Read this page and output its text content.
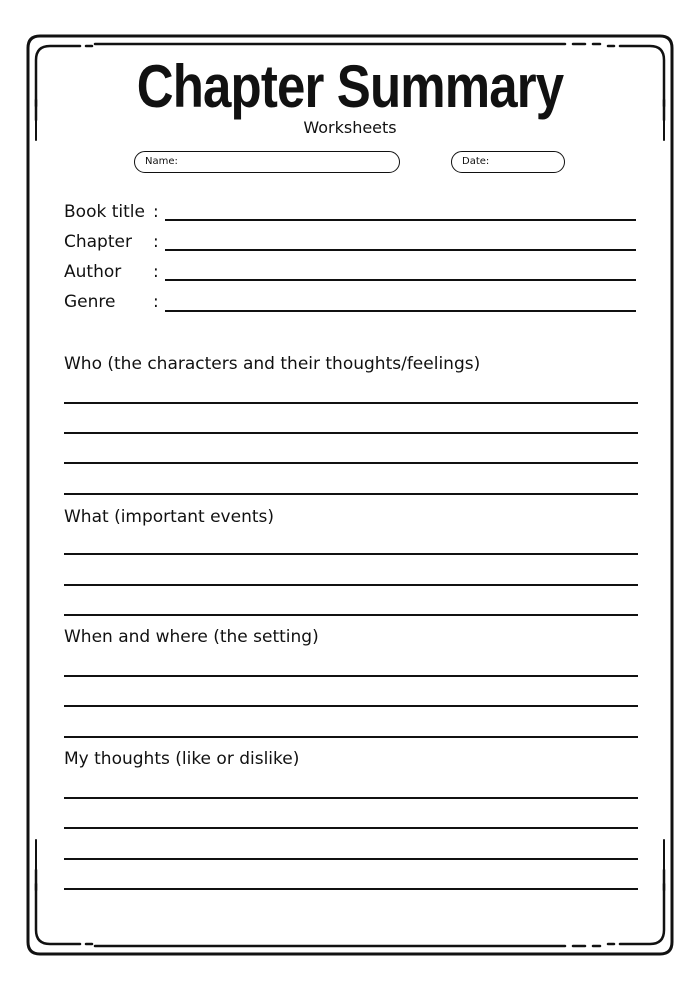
Chapter Summary
Worksheets
Name:	Date:
Book title :
Chapter :
Author :
Genre :
Who (the characters and their thoughts/feelings)
What (important events)
When and where (the setting)
My thoughts (like or dislike)
